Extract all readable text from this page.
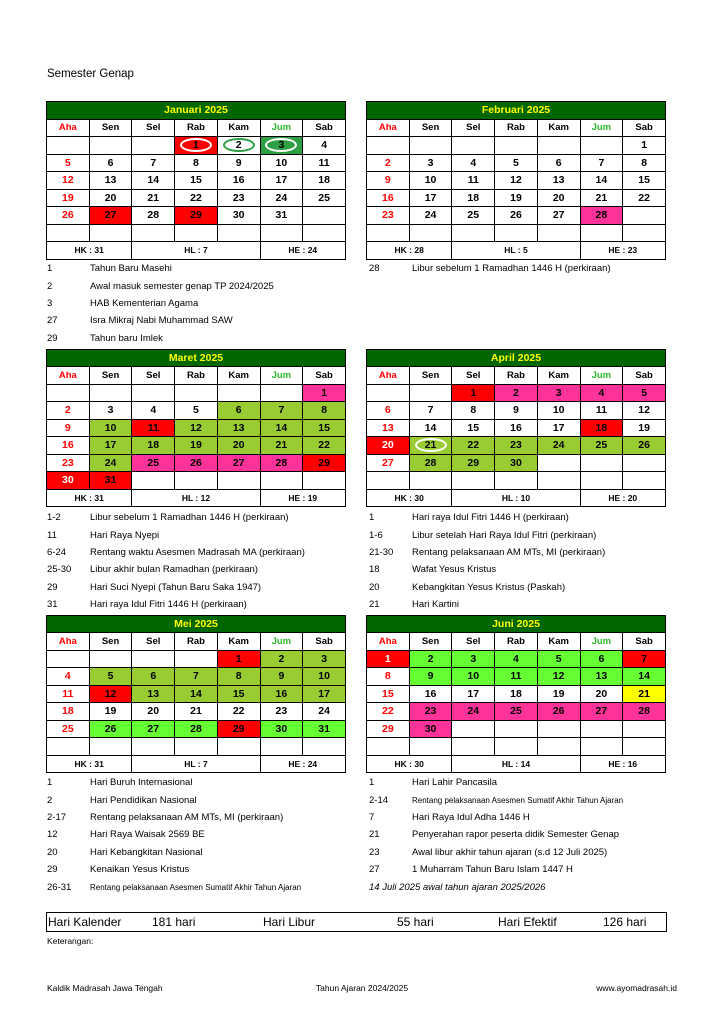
Semester Genap
Hari Kalender	181 hari	Hari Libur	55 hari	Hari Efektif	126 hari
Keterangan:
Kaldik Madrasah Jawa Tengah	Tahun Ajaran 2024/2025	www.ayomadrasah.id
Januari 2025						
Aha	Sen	Sel	Rab	Kam	Jum	Sab
			1	2	3	4
5	6	7	8	9	10	11
12	13	14	15	16	17	18
19	20	21	22	23	24	25
26	27	28	29	30	31	

HK : 31		HL : 7			HE : 24	
Februari 2025						
Aha	Sen	Sel	Rab	Kam	Jum	Sab
						1
2	3	4	5	6	7	8
9	10	11	12	13	14	15
16	17	18	19	20	21	22
23	24	25	26	27	28	

HK : 28		HL : 5			HE : 23	
Maret 2025						
Aha	Sen	Sel	Rab	Kam	Jum	Sab
						1
2	3	4	5	6	7	8
9	10	11	12	13	14	15
16	17	18	19	20	21	22
23	24	25	26	27	28	29
30	31					
HK : 31		HL : 12			HE : 19	
April 2025						
Aha	Sen	Sel	Rab	Kam	Jum	Sab
		1	2	3	4	5
6	7	8	9	10	11	12
13	14	15	16	17	18	19
20	21	22	23	24	25	26
27	28	29	30			

HK : 30		HL : 10			HE : 20	
Mei 2025						
Aha	Sen	Sel	Rab	Kam	Jum	Sab
				1	2	3
4	5	6	7	8	9	10
11	12	13	14	15	16	17
18	19	20	21	22	23	24
25	26	27	28	29	30	31

HK : 31		HL : 7			HE : 24	
Juni 2025						
Aha	Sen	Sel	Rab	Kam	Jum	Sab
1	2	3	4	5	6	7
8	9	10	11	12	13	14
15	16	17	18	19	20	21
22	23	24	25	26	27	28
29	30					

HK : 30		HL : 14			HE : 16	
1	Tahun Baru Masehi
2	Awal masuk semester genap TP 2024/2025
3	HAB Kementerian Agama
27	Isra Mikraj Nabi Muhammad SAW
29	Tahun baru Imlek
28	Libur sebelum 1 Ramadhan 1446 H (perkiraan)
1-2	Libur sebelum 1 Ramadhan 1446 H (perkiraan)
11	Hari Raya Nyepi
6-24	Rentang waktu Asesmen Madrasah MA (perkiraan)
25-30 Libur akhir bulan Ramadhan (perkiraan)
29	Hari Suci Nyepi (Tahun Baru Saka 1947)
31	Hari raya Idul Fitri 1446 H (perkiraan)
1	Hari raya Idul Fitri 1446 H (perkiraan)
1-6	Libur setelah Hari Raya Idul Fitri (perkiraan)
21-30 Rentang pelaksanaan AM MTs, MI (perkiraan)
18	Wafat Yesus Kristus
20	Kebangkitan Yesus Kristus (Paskah)
21	Hari Kartini
1	Hari Buruh Internasional
2	Hari Pendidikan Nasional
2-17	Rentang pelaksanaan AM MTs, MI (perkiraan)
12	Hari Raya Waisak 2569 BE
20	Hari Kebangkitan Nasional
29	Kenaikan Yesus Kristus
26-31 Rentang pelaksanaan Asesmen Sumatif Akhir Tahun Ajaran
1	Hari Lahir Pancasila
2-14	Rentang pelaksanaan Asesmen Sumatif Akhir Tahun Ajaran
7	Hari Raya Idul Adha 1446 H
21	Penyerahan rapor peserta didik Semester Genap
23	Awal libur akhir tahun ajaran (s.d 12 Juli 2025)
27	1 Muharram Tahun Baru Islam 1447 H
14 Juli 2025 awal tahun ajaran 2025/2026
